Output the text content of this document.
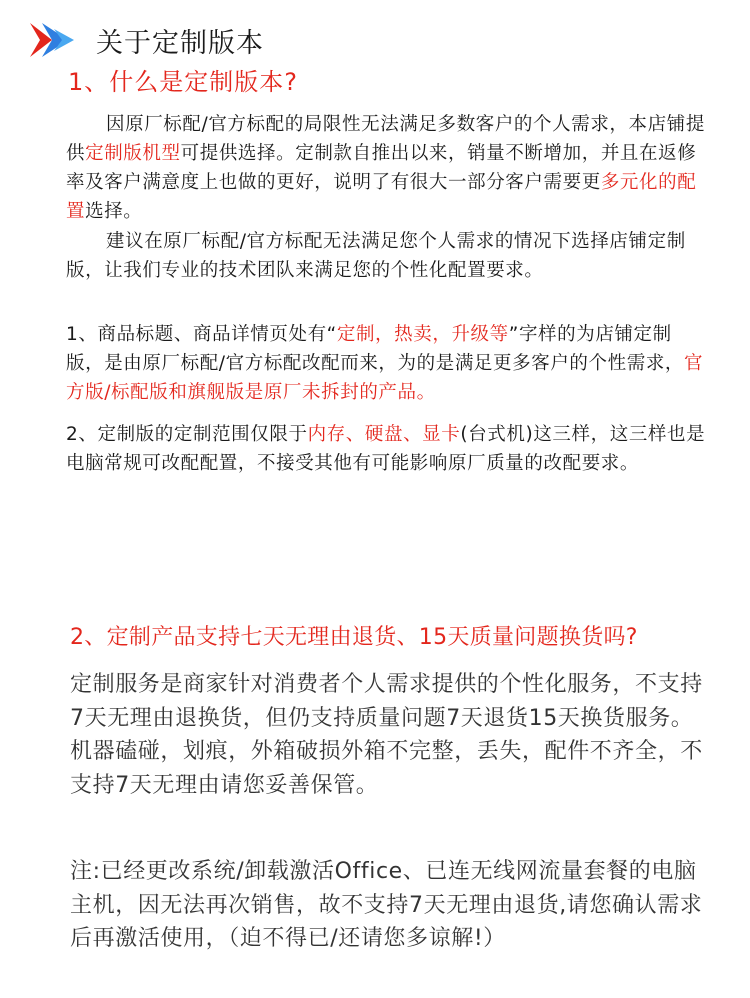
关于定制版本
1、什么是定制版本?
因原厂标配/官方标配的局限性无法满足多数客户的个人需求，本店铺提供定制版机型可提供选择。定制款自推出以来，销量不断增加，并且在返修率及客户满意度上也做的更好，说明了有很大一部分客户需要更多元化的配置选择。
建议在原厂标配/官方标配无法满足您个人需求的情况下选择店铺定制版，让我们专业的技术团队来满足您的个性化配置要求。
1、商品标题、商品详情页处有“定制，热卖，升级等”字样的为店铺定制版，是由原厂标配/官方标配改配而来，为的是满足更多客户的个性需求，官方版/标配版和旗舰版是原厂未拆封的产品。
2、定制版的定制范围仅限于内存、硬盘、显卡(台式机)这三样，这三样也是电脑常规可改配配置，不接受其他有可能影响原厂质量的改配要求。
2、定制产品支持七天无理由退货、15天质量问题换货吗?
定制服务是商家针对消费者个人需求提供的个性化服务，不支持7天无理由退换货，但仍支持质量问题7天退货15天换货服务。机器磕碰，划痕，外箱破损外箱不完整，丢失，配件不齐全，不支持7天无理由请您妥善保管。
注:已经更改系统/卸载激活Office、已连无线网流量套餐的电脑主机，因无法再次销售，故不支持7天无理由退货,请您确认需求后再激活使用，（迫不得已/还请您多谅解!）
